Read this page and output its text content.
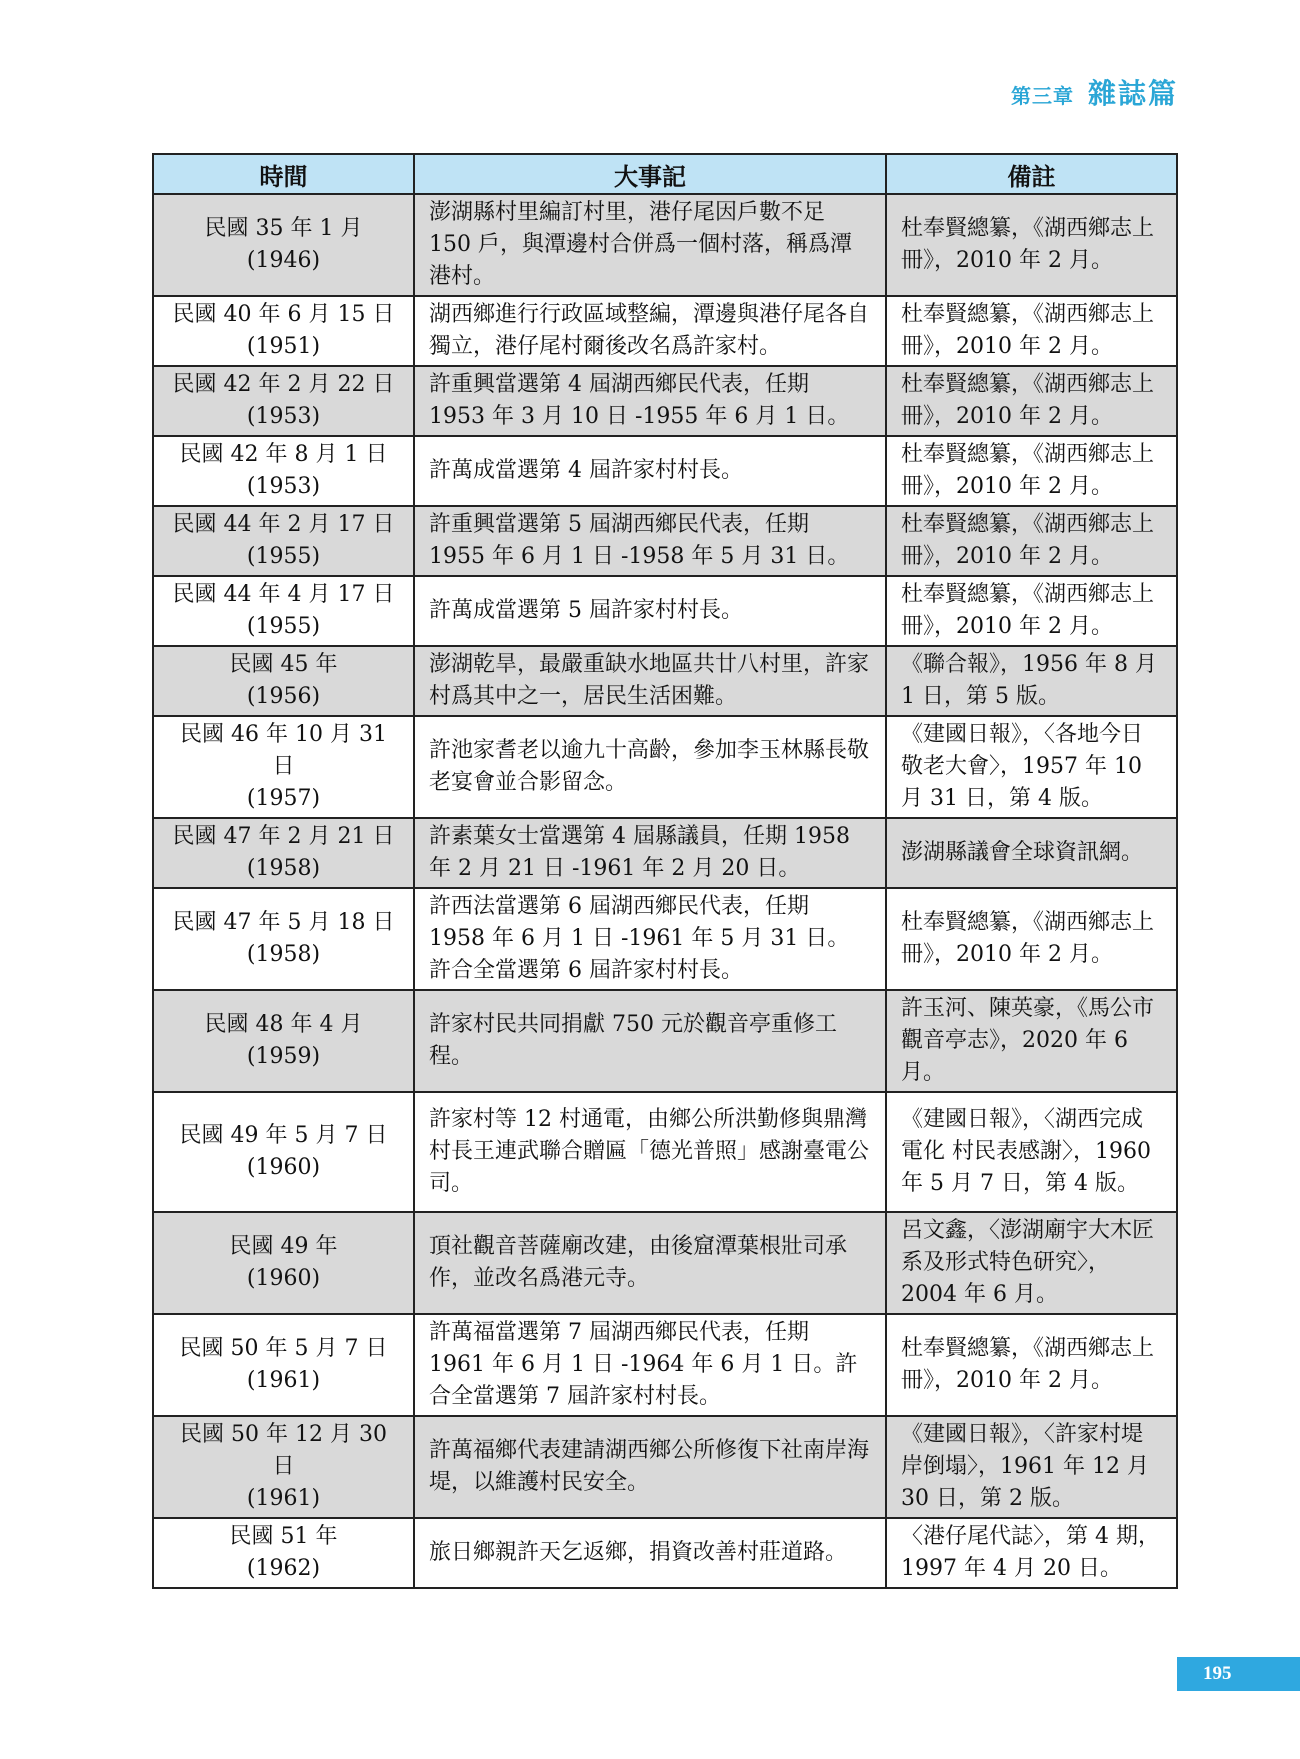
第三章 雜誌篇
時間	大事記	備註

民國 35 年 1 月
(1946)	澎湖縣村里編訂村里，港仔尾因戶數不足 150 戶，與潭邊村合併爲一個村落，稱爲潭港村。	杜奉賢總纂，《湖西鄉志上冊》，2010 年 2 月。

民國 40 年 6 月 15 日
(1951)	湖西鄉進行行政區域整編，潭邊與港仔尾各自獨立，港仔尾村爾後改名爲許家村。	杜奉賢總纂，《湖西鄉志上冊》，2010 年 2 月。

民國 42 年 2 月 22 日
(1953)	許重興當選第 4 屆湖西鄉民代表，任期 1953 年 3 月 10 日 -1955 年 6 月 1 日。	杜奉賢總纂，《湖西鄉志上冊》，2010 年 2 月。

民國 42 年 8 月 1 日
(1953)	許萬成當選第 4 屆許家村村長。	杜奉賢總纂，《湖西鄉志上冊》，2010 年 2 月。

民國 44 年 2 月 17 日
(1955)	許重興當選第 5 屆湖西鄉民代表，任期 1955 年 6 月 1 日 -1958 年 5 月 31 日。	杜奉賢總纂，《湖西鄉志上冊》，2010 年 2 月。

民國 44 年 4 月 17 日
(1955)	許萬成當選第 5 屆許家村村長。	杜奉賢總纂，《湖西鄉志上冊》，2010 年 2 月。

民國 45 年
(1956)	澎湖乾旱，最嚴重缺水地區共廿八村里，許家村爲其中之一，居民生活困難。	《聯合報》，1956 年 8 月 1 日，第 5 版。

民國 46 年 10 月 31 日
(1957)	許池家耆老以逾九十高齡，參加李玉林縣長敬老宴會並合影留念。	《建國日報》，〈各地今日敬老大會〉，1957 年 10 月 31 日，第 4 版。

民國 47 年 2 月 21 日
(1958)	許素葉女士當選第 4 屆縣議員，任期 1958 年 2 月 21 日 -1961 年 2 月 20 日。	澎湖縣議會全球資訊網。

民國 47 年 5 月 18 日
(1958)	許西法當選第 6 屆湖西鄉民代表，任期 1958 年 6 月 1 日 -1961 年 5 月 31 日。許合全當選第 6 屆許家村村長。	杜奉賢總纂，《湖西鄉志上冊》，2010 年 2 月。

民國 48 年 4 月
(1959)	許家村民共同捐獻 750 元於觀音亭重修工程。	許玉河、陳英豪，《馬公市觀音亭志》，2020 年 6 月。

民國 49 年 5 月 7 日
(1960)	許家村等 12 村通電，由鄉公所洪勤修與鼎灣村長王連武聯合贈匾「德光普照」感謝臺電公司。	《建國日報》，〈湖西完成電化 村民表感謝〉，1960 年 5 月 7 日，第 4 版。

民國 49 年
(1960)	頂社觀音菩薩廟改建，由後窟潭葉根壯司承作，並改名爲港元寺。	呂文鑫，〈澎湖廟宇大木匠系及形式特色研究〉，2004 年 6 月。

民國 50 年 5 月 7 日
(1961)	許萬福當選第 7 屆湖西鄉民代表，任期 1961 年 6 月 1 日 -1964 年 6 月 1 日。許合全當選第 7 屆許家村村長。	杜奉賢總纂，《湖西鄉志上冊》，2010 年 2 月。

民國 50 年 12 月 30 日
(1961)	許萬福鄉代表建請湖西鄉公所修復下社南岸海堤，以維護村民安全。	《建國日報》，〈許家村堤岸倒塌〉，1961 年 12 月 30 日，第 2 版。

民國 51 年
(1962)	旅日鄉親許天乞返鄉，捐資改善村莊道路。	〈港仔尾代誌〉，第 4 期，1997 年 4 月 20 日。
195
